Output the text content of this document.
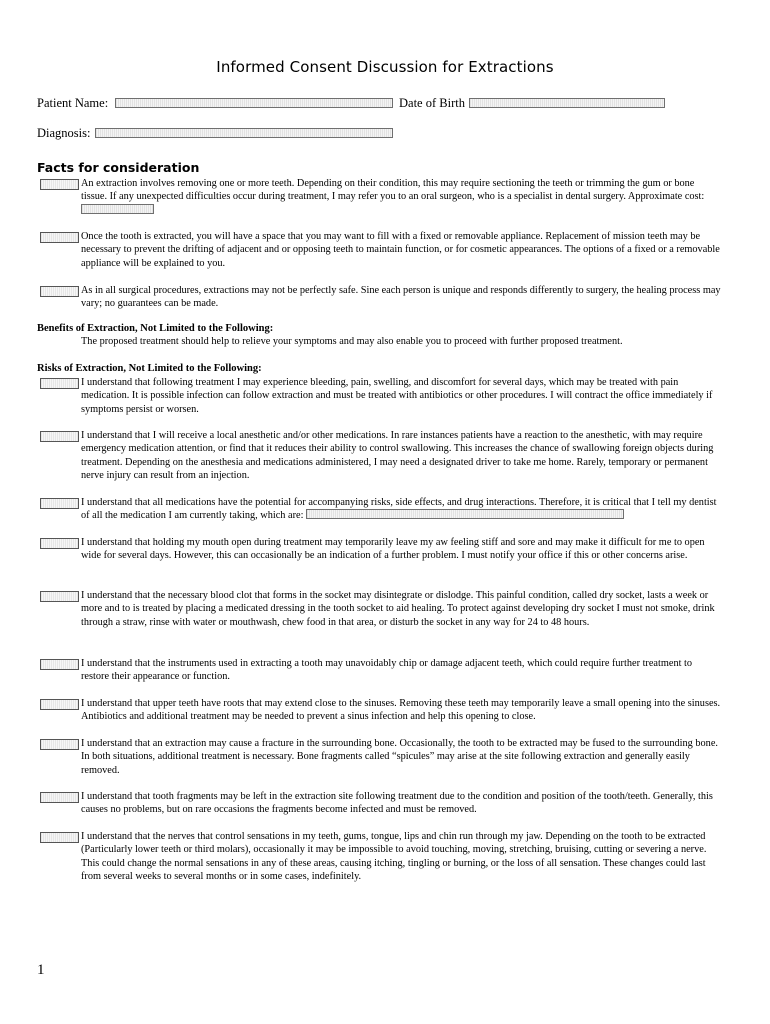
Informed Consent Discussion for Extractions
Patient Name:	Date of Birth
Diagnosis:
Facts for consideration
An extraction involves removing one or more teeth. Depending on their condition, this may require sectioning the teeth or trimming the gum or bone tissue. If any unexpected difficulties occur during treatment, I may refer you to an oral surgeon, who is a specialist in dental surgery. Approximate cost:
Once the tooth is extracted, you will have a space that you may want to fill with a fixed or removable appliance. Replacement of mission teeth may be necessary to prevent the drifting of adjacent and or opposing teeth to maintain function, or for cosmetic appearances. The options of a fixed or a removable appliance will be explained to you.
As in all surgical procedures, extractions may not be perfectly safe. Sine each person is unique and responds differently to surgery, the healing process may vary; no guarantees can be made.
Benefits of Extraction, Not Limited to the Following:
The proposed treatment should help to relieve your symptoms and may also enable you to proceed with further proposed treatment.
Risks of Extraction, Not Limited to the Following:
I understand that following treatment I may experience bleeding, pain, swelling, and discomfort for several days, which may be treated with pain medication. It is possible infection can follow extraction and must be treated with antibiotics or other procedures. I will contract the office immediately if symptoms persist or worsen.
I understand that I will receive a local anesthetic and/or other medications. In rare instances patients have a reaction to the anesthetic, with may require emergency medication attention, or find that it reduces their ability to control swallowing. This increases the chance of swallowing foreign objects during treatment. Depending on the anesthesia and medications administered, I may need a designated driver to take me home. Rarely, temporary or permanent nerve injury can result from an injection.
I understand that all medications have the potential for accompanying risks, side effects, and drug interactions. Therefore, it is critical that I tell my dentist of all the medication I am currently taking, which are:
I understand that holding my mouth open during treatment may temporarily leave my aw feeling stiff and sore and may make it difficult for me to open wide for several days. However, this can occasionally be an indication of a further problem. I must notify your office if this or other concerns arise.
I understand that the necessary blood clot that forms in the socket may disintegrate or dislodge. This painful condition, called dry socket, lasts a week or more and to is treated by placing a medicated dressing in the tooth socket to aid healing. To protect against developing dry socket I must not smoke, drink through a straw, rinse with water or mouthwash, chew food in that area, or disturb the socket in any way for 24 to 48 hours.
I understand that the instruments used in extracting a tooth may unavoidably chip or damage adjacent teeth, which could require further treatment to restore their appearance or function.
I understand that upper teeth have roots that may extend close to the sinuses. Removing these teeth may temporarily leave a small opening into the sinuses. Antibiotics and additional treatment may be needed to prevent a sinus infection and help this opening to close.
I understand that an extraction may cause a fracture in the surrounding bone. Occasionally, the tooth to be extracted may be fused to the surrounding bone. In both situations, additional treatment is necessary. Bone fragments called “spicules” may arise at the site following extraction and generally easily removed.
I understand that tooth fragments may be left in the extraction site following treatment due to the condition and position of the tooth/teeth. Generally, this causes no problems, but on rare occasions the fragments become infected and must be removed.
I understand that the nerves that control sensations in my teeth, gums, tongue, lips and chin run through my jaw. Depending on the tooth to be extracted (Particularly lower teeth or third molars), occasionally it may be impossible to avoid touching, moving, stretching, bruising, cutting or severing a nerve. This could change the normal sensations in any of these areas, causing itching, tingling or burning, or the loss of all sensation. These changes could last from several weeks to several months or in some cases, indefinitely.
1
